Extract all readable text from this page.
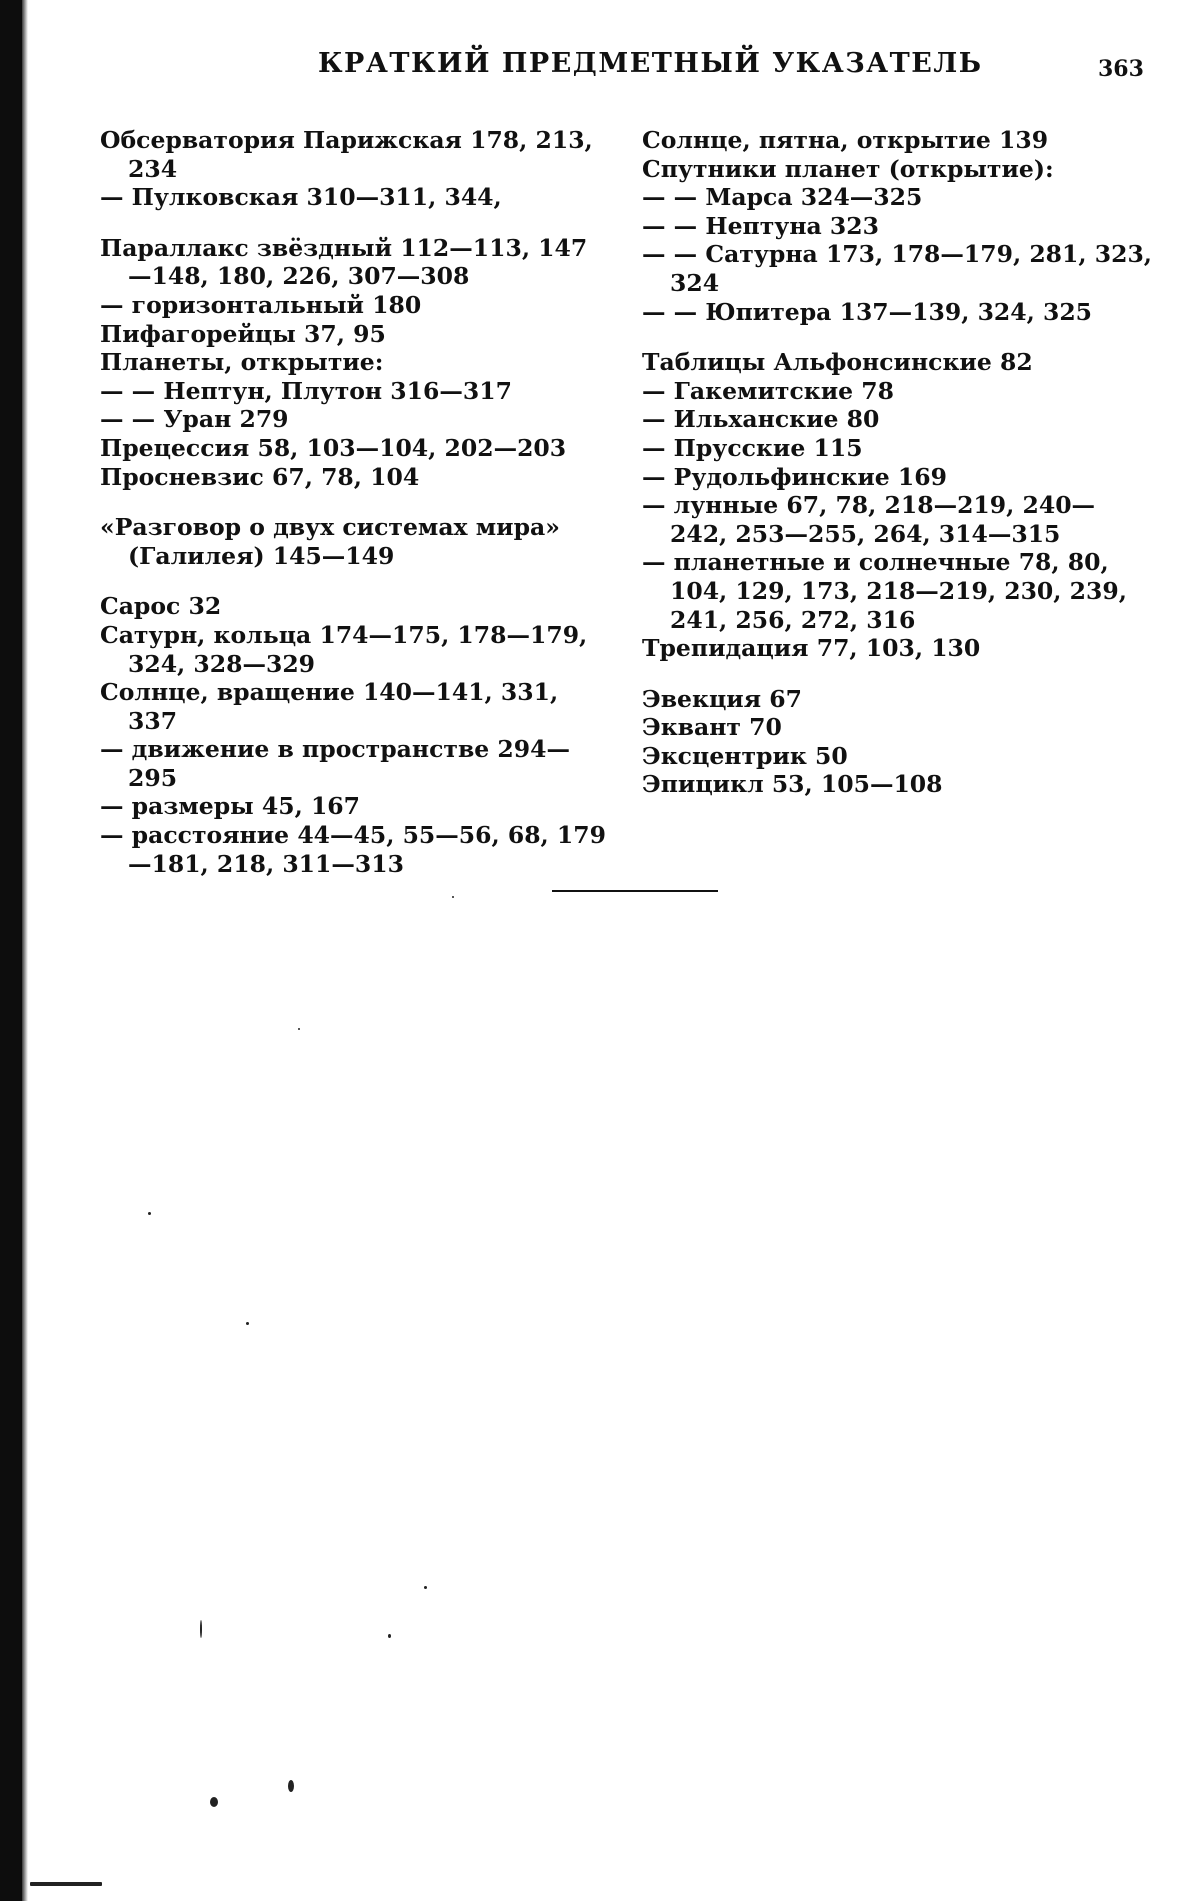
КРАТКИЙ ПРЕДМЕТНЫЙ УКАЗАТЕЛЬ	363
Обсерватория Парижская 178, 213, 234
— Пулковская 310—311, 344,
Параллакс звёздный 112—113, 147—148, 180, 226, 307—308
— горизонтальный 180
Пифагорейцы 37, 95
Планеты, открытие:
— — Нептун, Плутон 316—317
— — Уран 279
Прецессия 58, 103—104, 202—203
Просневзис 67, 78, 104
«Разговор о двух системах мира» (Галилея) 145—149
Сарос 32
Сатурн, кольца 174—175, 178—179, 324, 328—329
Солнце, вращение 140—141, 331, 337
— движение в пространстве 294—295
— размеры 45, 167
— расстояние 44—45, 55—56, 68, 179—181, 218, 311—313
Солнце, пятна, открытие 139
Спутники планет (открытие):
— — Марса 324—325
— — Нептуна 323
— — Сатурна 173, 178—179, 281, 323, 324
— — Юпитера 137—139, 324, 325
Таблицы Альфонсинские 82
— Гакемитские 78
— Ильханские 80
— Прусские 115
— Рудольфинские 169
— лунные 67, 78, 218—219, 240—242, 253—255, 264, 314—315
— планетные и солнечные 78, 80, 104, 129, 173, 218—219, 230, 239, 241, 256, 272, 316
Трепидация 77, 103, 130
Эвекция 67
Эквант 70
Эксцентрик 50
Эпицикл 53, 105—108
